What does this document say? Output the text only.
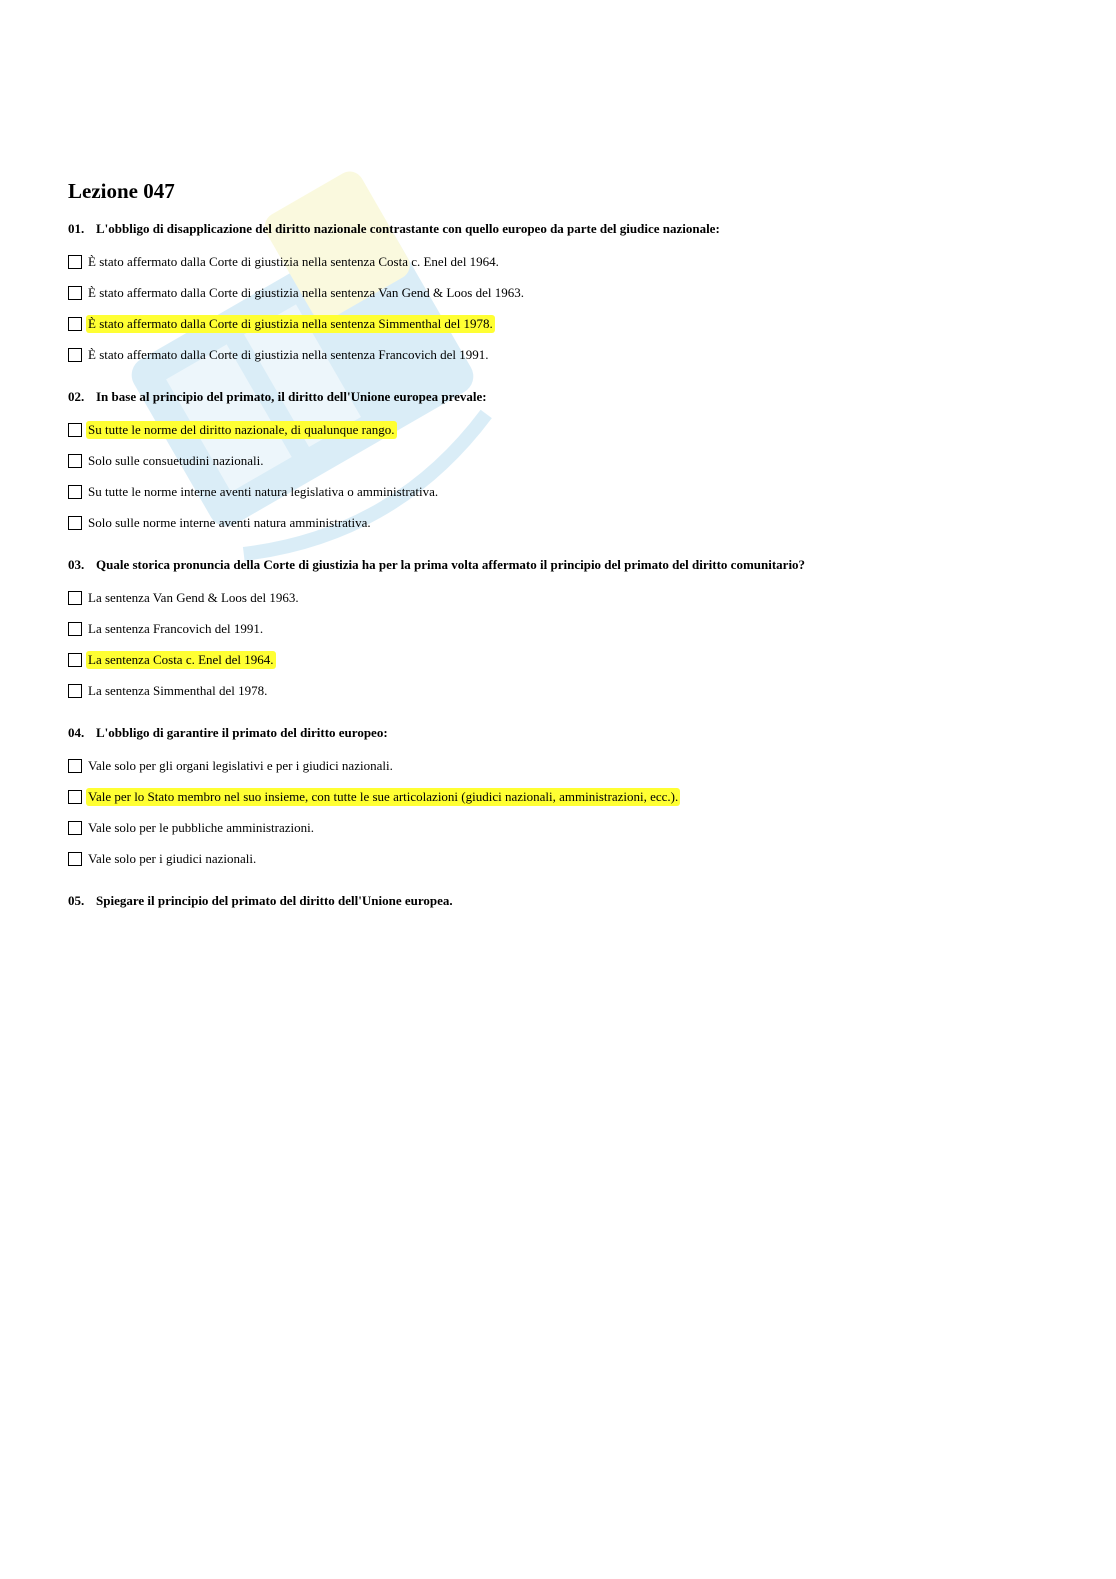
Lezione 047
01. L'obbligo di disapplicazione del diritto nazionale contrastante con quello europeo da parte del giudice nazionale:
È stato affermato dalla Corte di giustizia nella sentenza Costa c. Enel del 1964.
È stato affermato dalla Corte di giustizia nella sentenza Van Gend & Loos del 1963.
È stato affermato dalla Corte di giustizia nella sentenza Simmenthal del 1978.
È stato affermato dalla Corte di giustizia nella sentenza Francovich del 1991.
02. In base al principio del primato, il diritto dell'Unione europea prevale:
Su tutte le norme del diritto nazionale, di qualunque rango.
Solo sulle consuetudini nazionali.
Su tutte le norme interne aventi natura legislativa o amministrativa.
Solo sulle norme interne aventi natura amministrativa.
03. Quale storica pronuncia della Corte di giustizia ha per la prima volta affermato il principio del primato del diritto comunitario?
La sentenza Van Gend & Loos del 1963.
La sentenza Francovich del 1991.
La sentenza Costa c. Enel del 1964.
La sentenza Simmenthal del 1978.
04. L'obbligo di garantire il primato del diritto europeo:
Vale solo per gli organi legislativi e per i giudici nazionali.
Vale per lo Stato membro nel suo insieme, con tutte le sue articolazioni (giudici nazionali, amministrazioni, ecc.).
Vale solo per le pubbliche amministrazioni.
Vale solo per i giudici nazionali.
05. Spiegare il principio del primato del diritto dell'Unione europea.
